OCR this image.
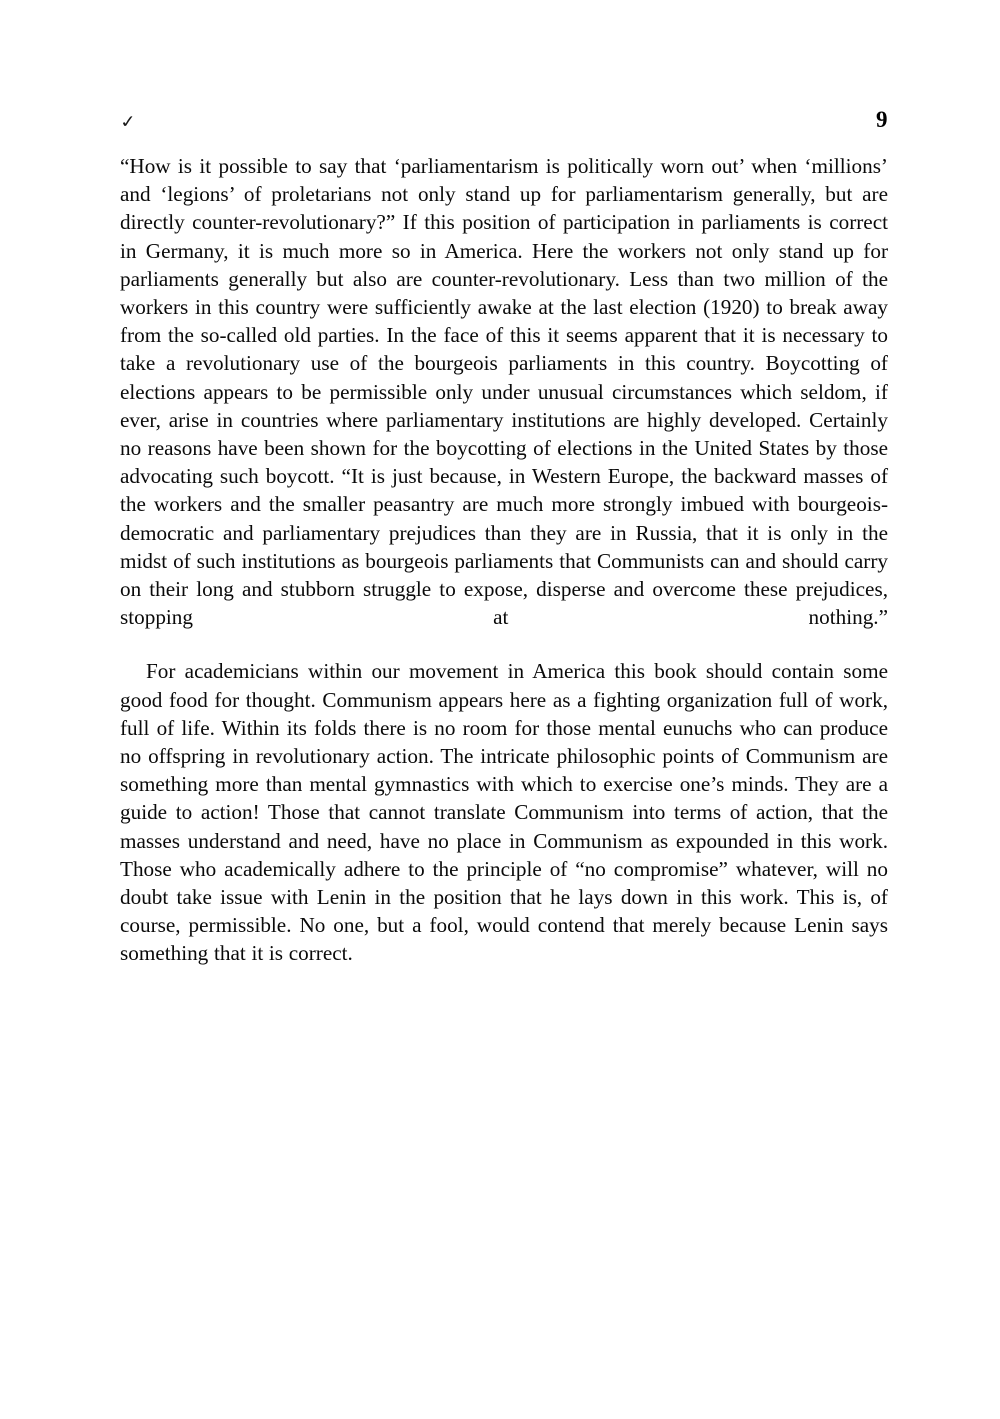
✓	9

“How is it possible to say that ‘parliamentarism is politically worn out’ when ‘millions’ and ‘legions’ of proletarians not only stand up for parliamentarism generally, but are directly counter-revolutionary?” If this position of participation in parliaments is correct in Germany, it is much more so in America. Here the workers not only stand up for parliaments generally but also are counter-revolutionary. Less than two million of the workers in this country were sufficiently awake at the last election (1920) to break away from the so-called old parties. In the face of this it seems apparent that it is necessary to take a revolutionary use of the bourgeois parliaments in this country. Boycotting of elections appears to be permissible only under unusual circumstances which seldom, if ever, arise in countries where parliamentary institutions are highly developed. Certainly no reasons have been shown for the boycotting of elections in the United States by those advocating such boycott. “It is just because, in Western Europe, the backward masses of the workers and the smaller peasantry are much more strongly imbued with bourgeois-democratic and parliamentary prejudices than they are in Russia, that it is only in the midst of such institutions as bourgeois parliaments that Communists can and should carry on their long and stubborn struggle to expose, disperse and overcome these prejudices, stopping at nothing.”

For academicians within our movement in America this book should contain some good food for thought. Communism appears here as a fighting organization full of work, full of life. Within its folds there is no room for those mental eunuchs who can produce no offspring in revolutionary action. The intricate philosophic points of Communism are something more than mental gymnastics with which to exercise one’s minds. They are a guide to action! Those that cannot translate Communism into terms of action, that the masses understand and need, have no place in Communism as expounded in this work. Those who academically adhere to the principle of “no compromise” whatever, will no doubt take issue with Lenin in the position that he lays down in this work. This is, of course, permissible. No one, but a fool, would contend that merely because Lenin says something that it is correct.
